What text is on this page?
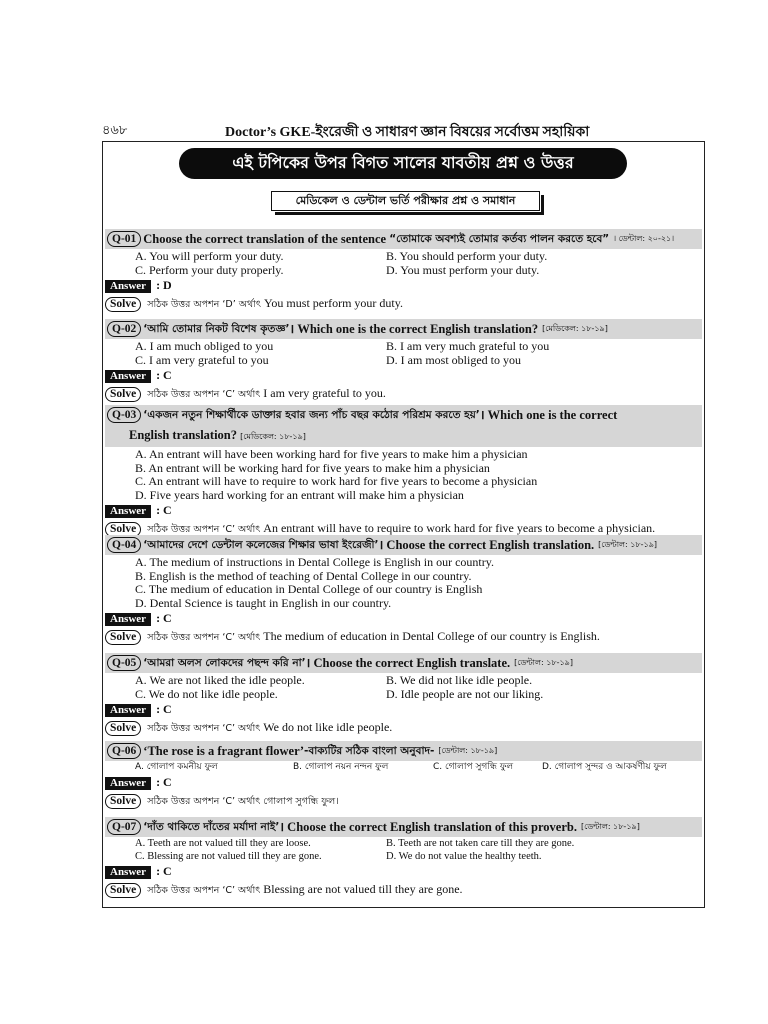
৪৬৮	Doctor’s GKE-ইংরেজী ও সাধারণ জ্ঞান বিষয়ের সর্বোত্তম সহায়িকা
এই টপিকের উপর বিগত সালের যাবতীয় প্রশ্ন ও উত্তর
মেডিকেল ও ডেন্টাল ভর্তি পরীক্ষার প্রশ্ন ও সমাধান
Q-01 Choose the correct translation of the sentence
“তোমাকে অবশ্যই তোমার কর্তব্য পালন করতে হবে” । ডেন্টাল: ২০-২১।
A. You will perform your duty.	B. You should perform your duty.
C. Perform your duty properly.	D. You must perform your duty.
Answer : D
Solve সঠিক উত্তর অপশন ‘D’ অর্থাৎ You must perform your duty.
Q-02 ‘আমি তোমার নিকট বিশেষ কৃতজ্ঞ’ । Which one is the correct English translation? [মেডিকেল: ১৮-১৯]
A. I am much obliged to you	B. I am very much grateful to you
C. I am very grateful to you	D. I am most obliged to you
Answer : C
Solve সঠিক উত্তর অপশন ‘C’ অর্থাৎ I am very grateful to you.
Q-03 ‘একজন নতুন শিক্ষার্থীকে ডাক্তার হবার জন্য পাঁচ বছর কঠোর পরিশ্রম করতে হয়’ । Which one is the correct
English translation? [মেডিকেল: ১৮-১৯]
A. An entrant will have been working hard for five years to make him a physician
B. An entrant will be working hard for five years to make him a physician
C. An entrant will have to require to work hard for five years to become a physician
D. Five years hard working for an entrant will make him a physician
Answer : C
Solve সঠিক উত্তর অপশন ‘C’ অর্থাৎ An entrant will have to require to work hard for five years to become a physician.
Q-04 ‘আমাদের দেশে ডেন্টাল কলেজের শিক্ষার ভাষা ইংরেজী’ । Choose the correct English translation. [ডেন্টাল: ১৮-১৯]
A. The medium of instructions in Dental College is English in our country.
B. English is the method of teaching of Dental College in our country.
C. The medium of education in Dental College of our country is English
D. Dental Science is taught in English in our country.
Answer : C
Solve সঠিক উত্তর অপশন ‘C’ অর্থাৎ The medium of education in Dental College of our country is English.
Q-05 ‘আমরা অলস লোকদের পছন্দ করি না’ । Choose the correct English translate. [ডেন্টাল: ১৮-১৯]
A. We are not liked the idle people.	B. We did not like idle people.
C. We do not like idle people.	D. Idle people are not our liking.
Answer : C
Solve সঠিক উত্তর অপশন ‘C’ অর্থাৎ We do not like idle people.
Q-06 ‘The rose is a fragrant flower’ -বাক্যটির সঠিক বাংলা অনুবাদ- [ডেন্টাল: ১৮-১৯]
A. গোলাপ কমনীয় ফুল	B. গোলাপ নয়ন নন্দন ফুল	C. গোলাপ সুগন্ধি ফুল	D. গোলাপ সুন্দর ও আকর্ষণীয় ফুল
Answer : C
Solve সঠিক উত্তর অপশন ‘C’ অর্থাৎ গোলাপ সুগন্ধি ফুল।
Q-07 ‘দাঁত থাকিতে দাঁতের মর্যাদা নাই’ । Choose the correct English translation of this proverb. [ডেন্টাল: ১৮-১৯]
A. Teeth are not valued till they are loose.	B. Teeth are not taken care till they are gone.
C. Blessing are not valued till they are gone.	D. We do not value the healthy teeth.
Answer : C
Solve সঠিক উত্তর অপশন ‘C’ অর্থাৎ Blessing are not valued till they are gone.
